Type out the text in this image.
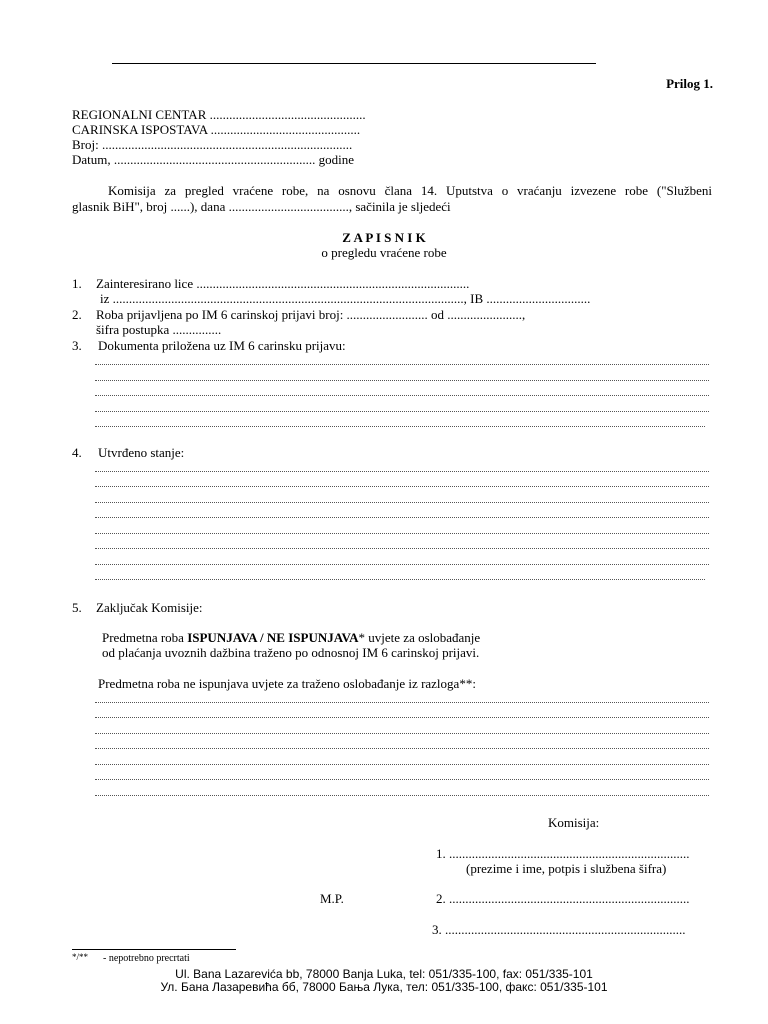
Prilog 1.
REGIONALNI CENTAR ................................................
CARINSKA ISPOSTAVA ..............................................
Broj: .............................................................................
Datum, .............................................................. godine
Komisija za pregled vraćene robe, na osnovu člana 14. Uputstva o vraćanju izvezene robe ("Službeni
glasnik BiH", broj ......), dana ....................................., sačinila je sljedeći
Z A P I S N I K
o pregledu vraćene robe
1. Zainteresirano lice ....................................................................................
iz ............................................................................................................, IB ................................
2. Roba prijavljena po IM 6 carinskoj prijavi broj: ......................... od .......................,
šifra postupka ...............
3. Dokumenta priložena uz IM 6 carinsku prijavu:
4. Utvrđeno stanje:
5. Zaključak Komisije:
Predmetna roba ISPUNJAVA / NE ISPUNJAVA* uvjete za oslobađanje
od plaćanja uvoznih dažbina traženo po odnosnoj IM 6 carinskoj prijavi.
Predmetna roba ne ispunjava uvjete za traženo oslobađanje iz razloga**:
Komisija:
1. ..........................................................................
(prezime i ime, potpis i službena šifra)
M.P.	2. ..........................................................................
3. ..........................................................................
*/** - nepotrebno precrtati
Ul. Bana Lazarevića bb, 78000 Banja Luka, tel: 051/335-100, fax: 051/335-101
Ул. Бана Лазаревића бб, 78000 Бања Лука, тел: 051/335-100, факс: 051/335-101
